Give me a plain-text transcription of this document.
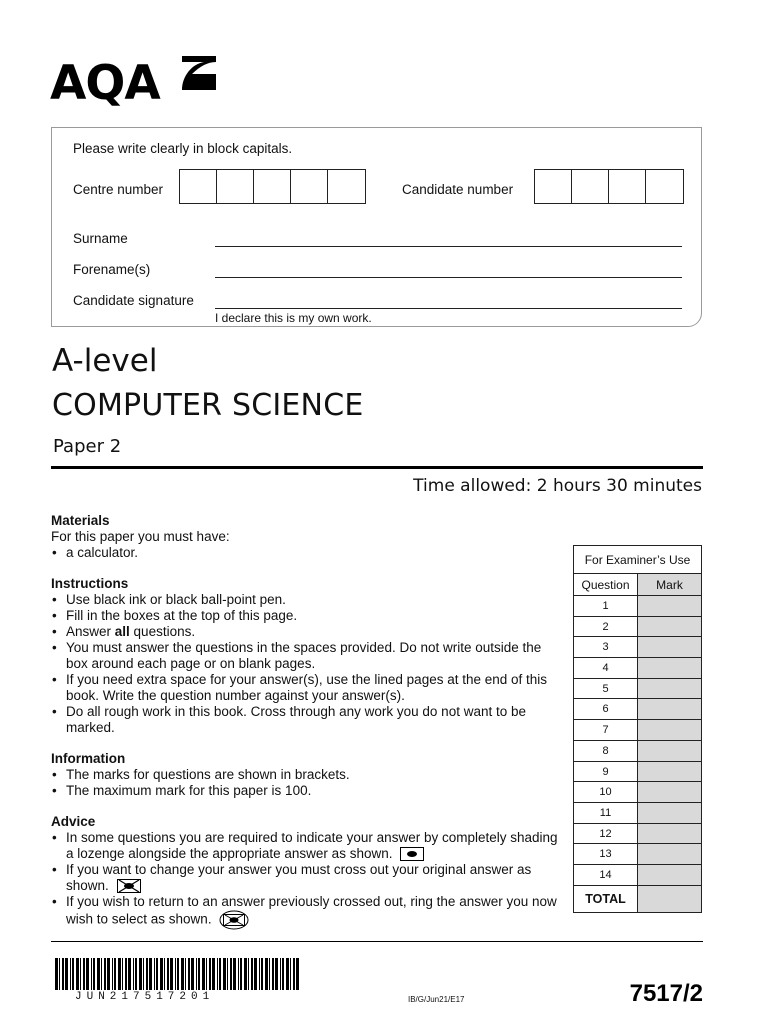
AQA
Please write clearly in block capitals.
Centre number	Candidate number
Surname
Forename(s)
Candidate signature
I declare this is my own work.
A-level
COMPUTER SCIENCE
Paper 2
Time allowed: 2 hours 30 minutes
Materials

For this paper you must have:

• a calculator.
Instructions
• Use black ink or black ball-point pen.
• Fill in the boxes at the top of this page.
• Answer all questions.
• You must answer the questions in the spaces provided. Do not write outside the box around each page or on blank pages.
• If you need extra space for your answer(s), use the lined pages at the end of this book. Write the question number against your answer(s).
• Do all rough work in this book. Cross through any work you do not want to be marked.
Information
• The marks for questions are shown in brackets.
• The maximum mark for this paper is 100.
Advice
• In some questions you are required to indicate your answer by completely shading a lozenge alongside the appropriate answer as shown.
• If you want to change your answer you must cross out your original answer as shown.
• If you wish to return to an answer previously crossed out, ring the answer you now wish to select as shown.
For Examiner’s Use
Question	Mark
1
2
3
4
5
6
7
8
9
10
11
12
13
14
TOTAL
JUN217517201	IB/G/Jun21/E17	7517/2
